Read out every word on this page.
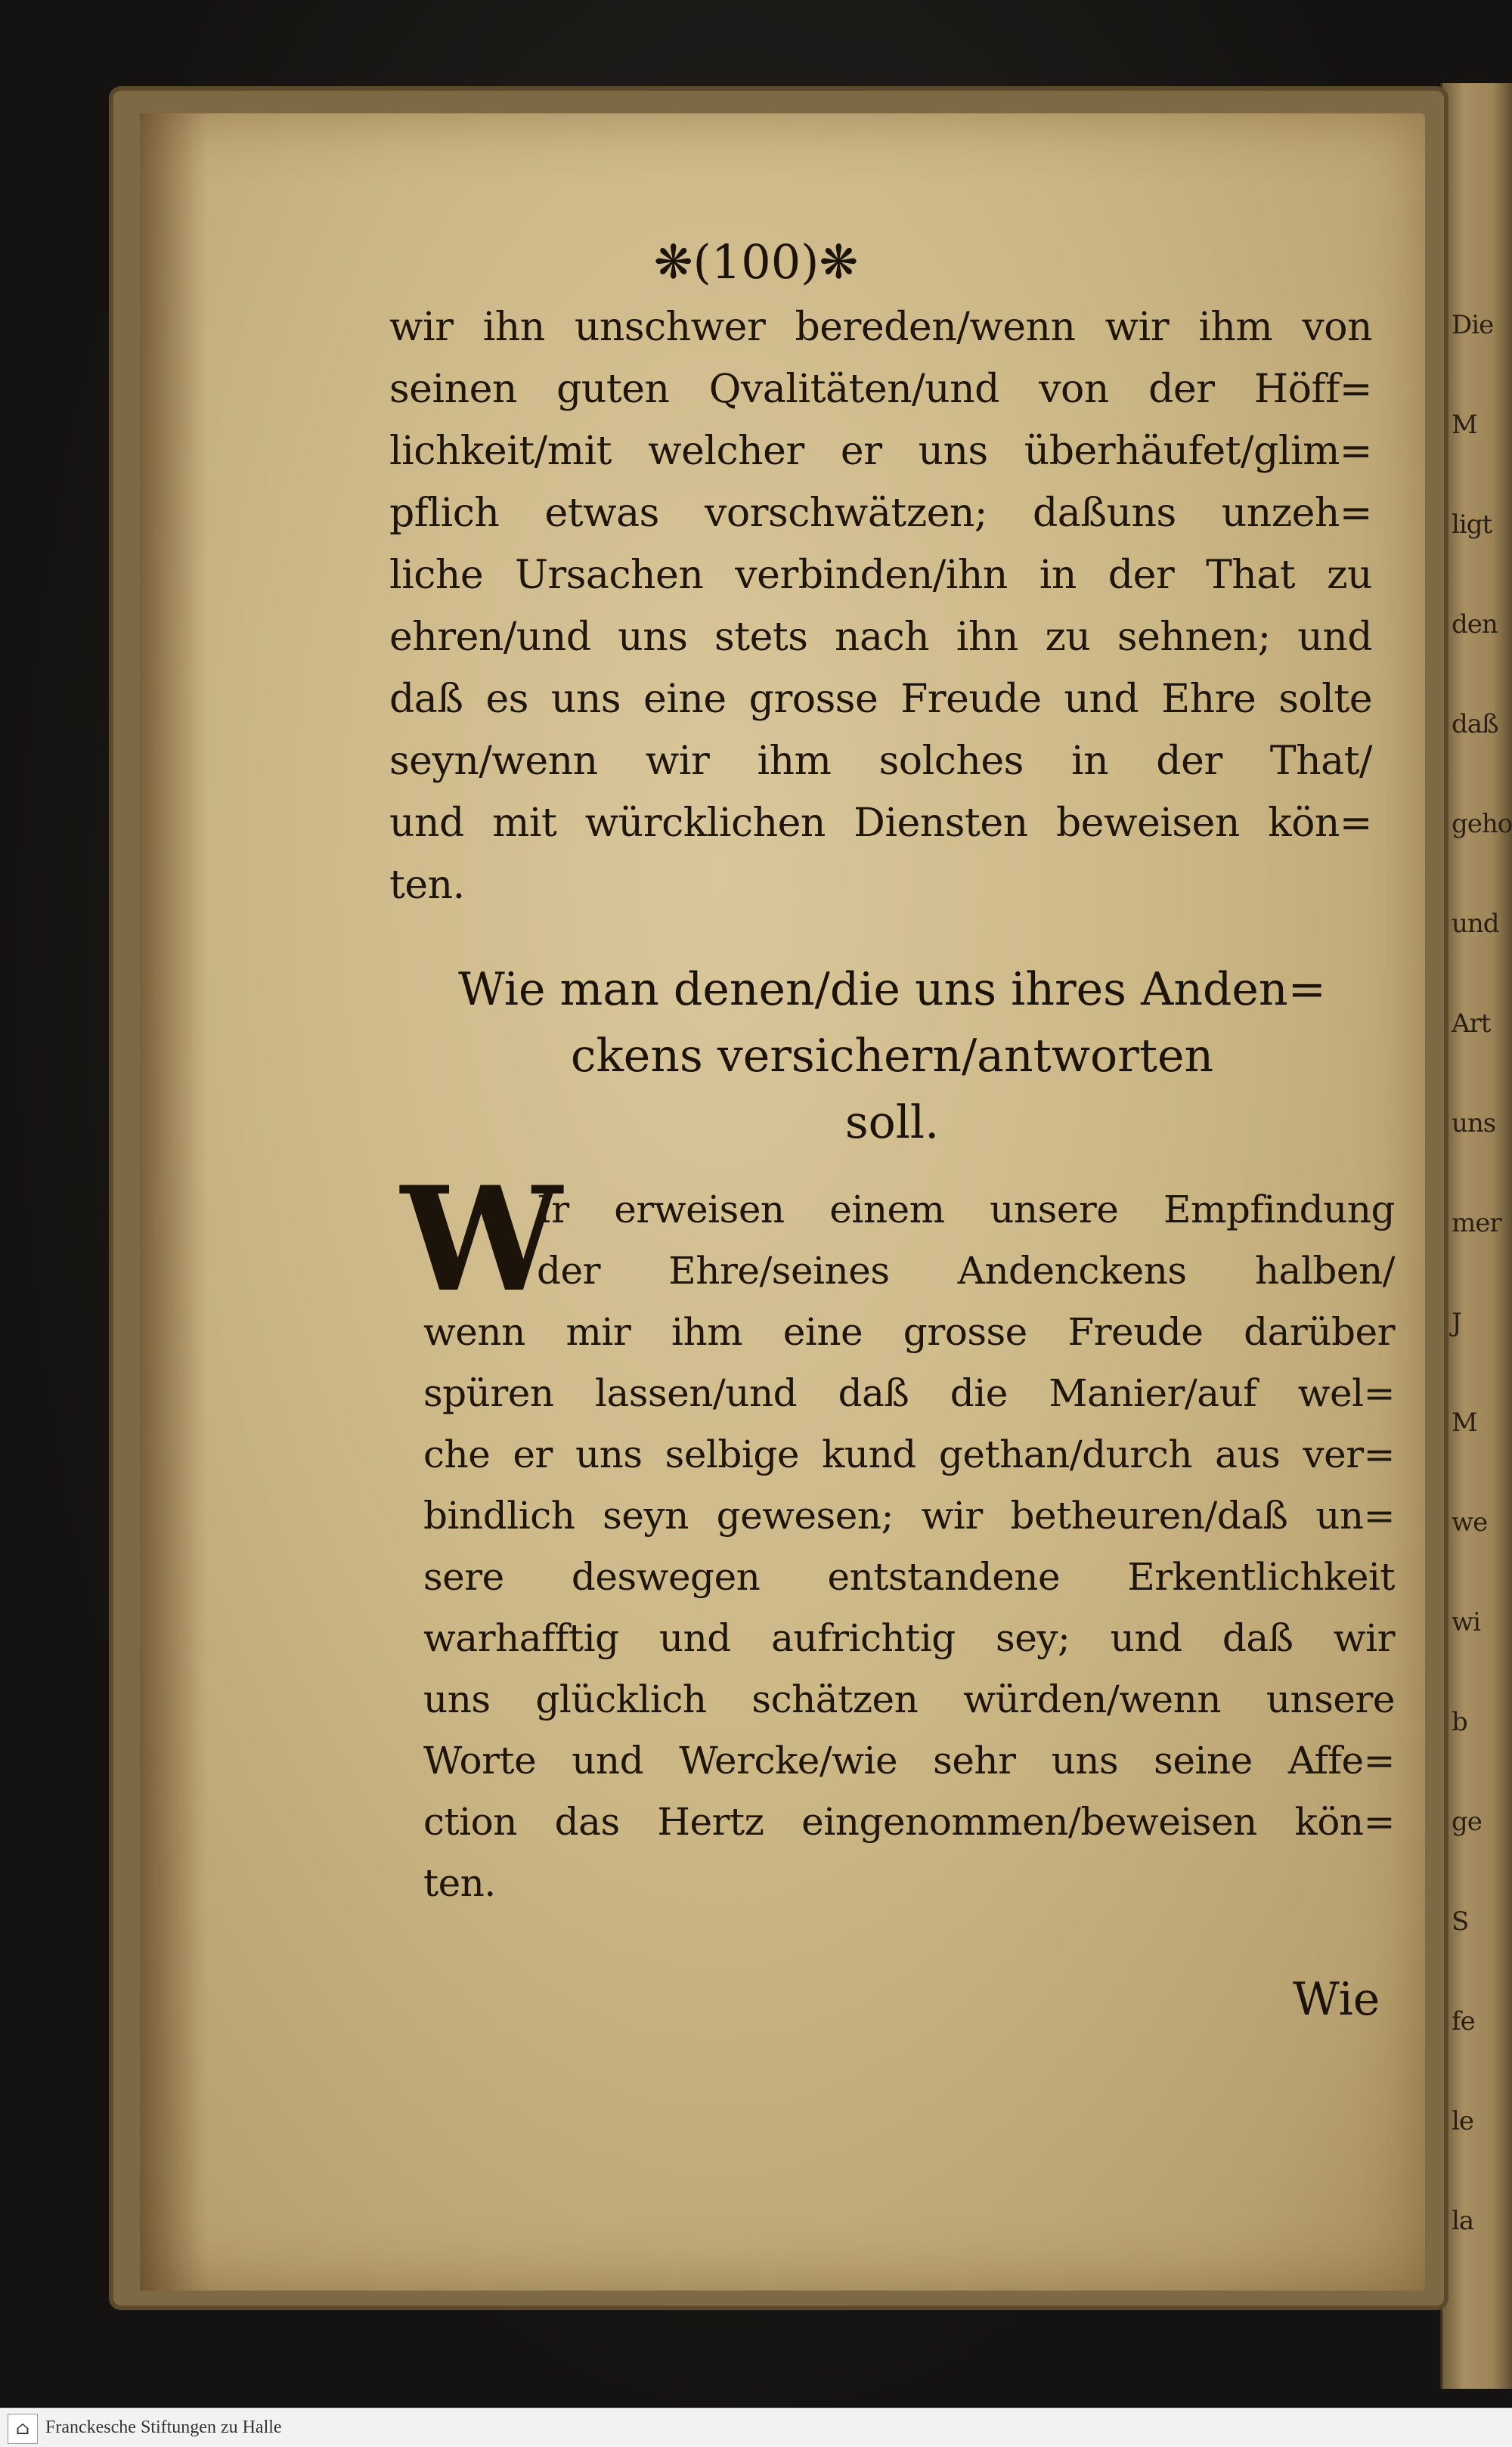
Die
M
ligt
den
daß
geho
und
Art
uns
mer
J
M
we
wi
b
ge
S
fe
le
la
❋(100)❋
wir ihn unschwer bereden/wenn wir ihm von
seinen guten Qvalitäten/und von der Höff=
lichkeit/mit welcher er uns überhäufet/glim=
pflich etwas vorschwätzen; daßuns unzeh=
liche Ursachen verbinden/ihn in der That zu
ehren/und uns stets nach ihn zu sehnen; und
daß es uns eine grosse Freude und Ehre solte
seyn/wenn wir ihm solches in der That/
und mit würcklichen Diensten beweisen kön=
ten.
Wie man denen/die uns ihres Anden=
ckens versichern/antworten
soll.
W
Ir erweisen einem unsere Empfindung
der Ehre/seines Andenckens halben/
wenn mir ihm eine grosse Freude darüber
spüren lassen/und daß die Manier/auf wel=
che er uns selbige kund gethan/durch aus ver=
bindlich seyn gewesen; wir betheuren/daß un=
sere deswegen entstandene Erkentlichkeit
warhafftig und aufrichtig sey; und daß wir
uns glücklich schätzen würden/wenn unsere
Worte und Wercke/wie sehr uns seine Affe=
ction das Hertz eingenommen/beweisen kön=
ten.
Wie
⌂ Franckesche Stiftungen zu Halle
